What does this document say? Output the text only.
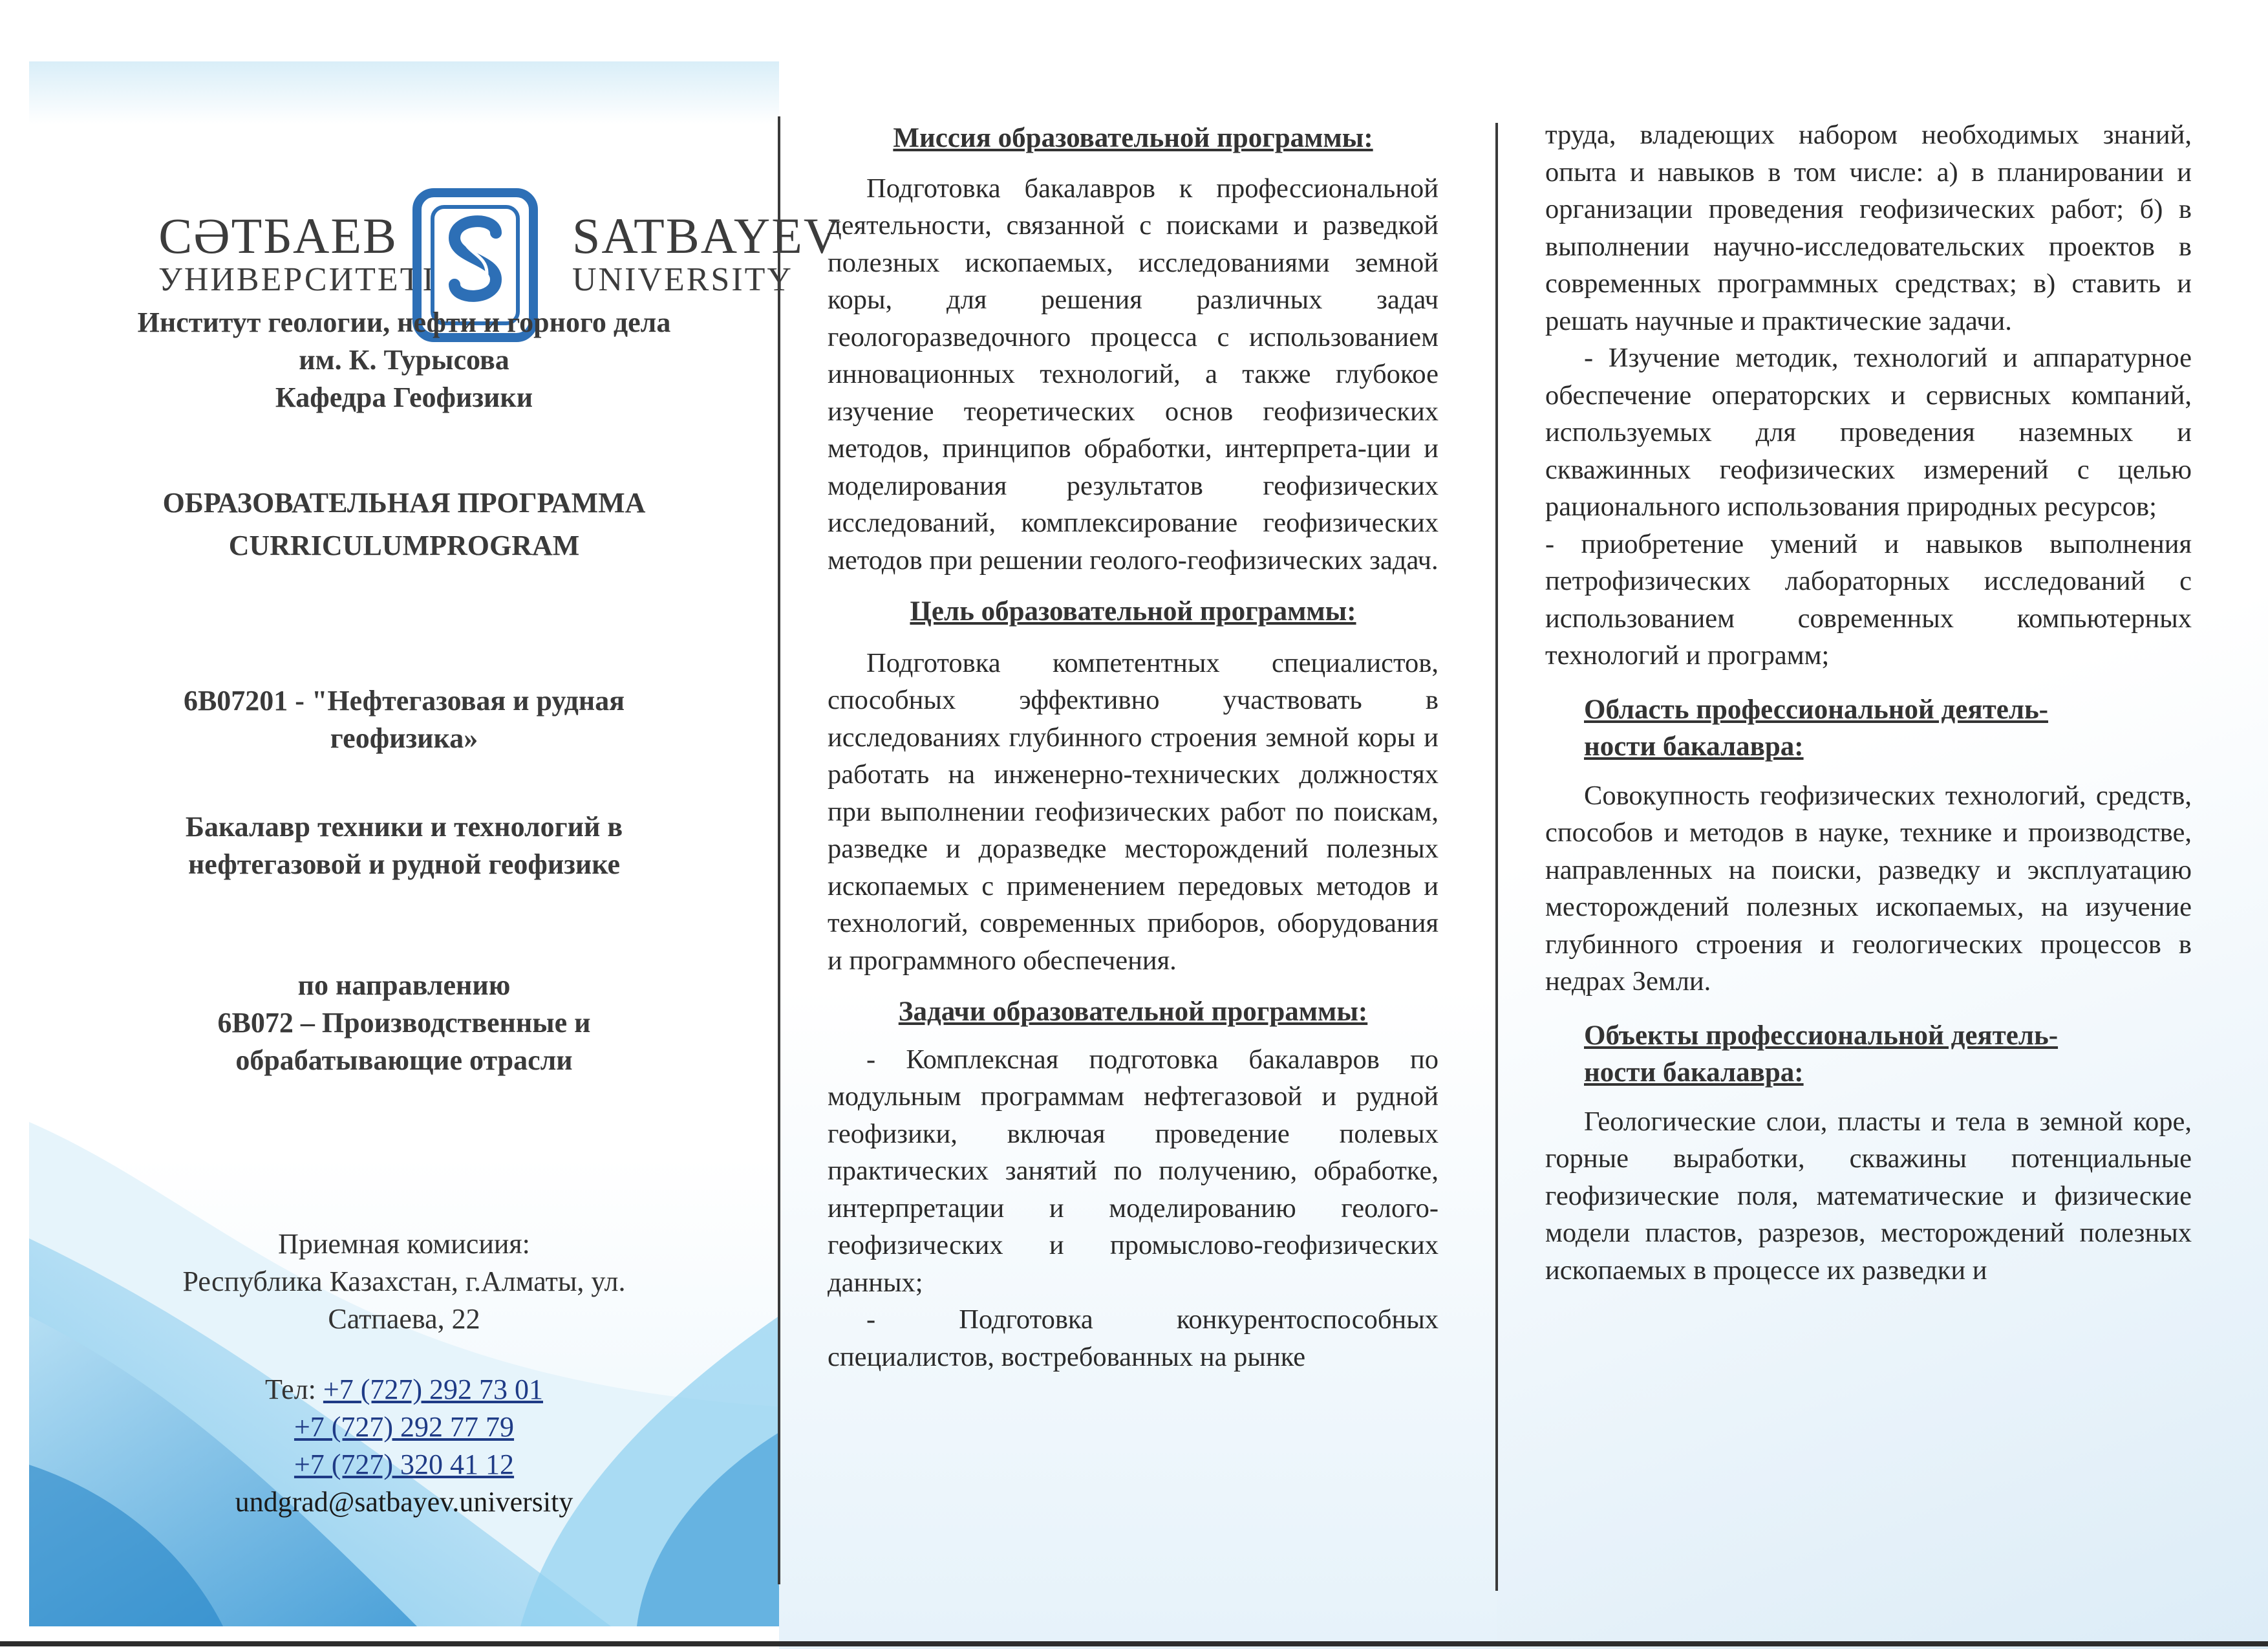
СӘТБАЕВ
УНИВЕРСИТЕТІ
1934
SATBAYEV
UNIVERSITY
Институт геологии, нефти и горного дела
им. К. Турысова
Кафедра Геофизики
ОБРАЗОВАТЕЛЬНАЯ ПРОГРАММА
CURRICULUMPROGRAM
6В07201 - "Нефтегазовая и рудная
геофизика»
Бакалавр техники и технологий в
нефтегазовой и рудной геофизике
по направлению
6В072 – Производственные и
обрабатывающие отрасли
Приемная комисиия:
Республика Казахстан, г.Алматы, ул.
Сатпаева, 22
Тел: +7 (727) 292 73 01
+7 (727) 292 77 79
+7 (727) 320 41 12
undgrad@satbayev.university

Миссия образовательной программы:

Подготовка бакалавров к профессиональной деятельности, связанной с поисками и разведкой полезных ископаемых, исследованиями земной коры, для решения различных задач геологоразведочного процесса с использованием инновационных технологий, а также глубокое изучение теоретических основ геофизических методов, принципов обработки, интерпрета-ции и моделирования результатов геофизических исследований, комплексирование геофизических методов при решении геолого-геофизических задач.

Цель образовательной программы:

Подготовка компетентных специалистов, способных эффективно участвовать в исследованиях глубинного строения земной коры и работать на инженерно-технических должностях при выполнении геофизических работ по поискам, разведке и доразведке месторождений полезных ископаемых с применением передовых методов и технологий, современных приборов, оборудования и программного обеспечения.

Задачи образовательной программы:

- Комплексная подготовка бакалавров по модульным программам нефтегазовой и рудной геофизики, включая проведение полевых практических занятий по получению, обработке, интерпретации и моделированию геолого-геофизических и промыслово-геофизических данных;

- Подготовка конкурентоспособных специалистов, востребованных на рынке

труда, владеющих набором необходимых знаний, опыта и навыков в том числе: а) в планировании и организации проведения геофизических работ; б) в выполнении научно-исследовательских проектов в современных программных средствах; в) ставить и решать научные и практические задачи.

- Изучение методик, технологий и аппаратурное обеспечение операторских и сервисных компаний, используемых для проведения наземных и скважинных геофизических измерений с целью рационального использования природных ресурсов;

- приобретение умений и навыков выполнения петрофизических лабораторных исследований с использованием современных компьютерных технологий и программ;

Область профессиональной деятель-
ности бакалавра:

Совокупность геофизических технологий, средств, способов и методов в науке, технике и производстве, направленных на поиски, разведку и эксплуатацию месторождений полезных ископаемых, на изучение глубинного строения и геологических процессов в недрах Земли.

Объекты профессиональной деятель-
ности бакалавра:

Геологические слои, пласты и тела в земной коре, горные выработки, скважины потенциальные геофизические поля, математические и физические модели пластов, разрезов, месторождений полезных ископаемых в процессе их разведки и
